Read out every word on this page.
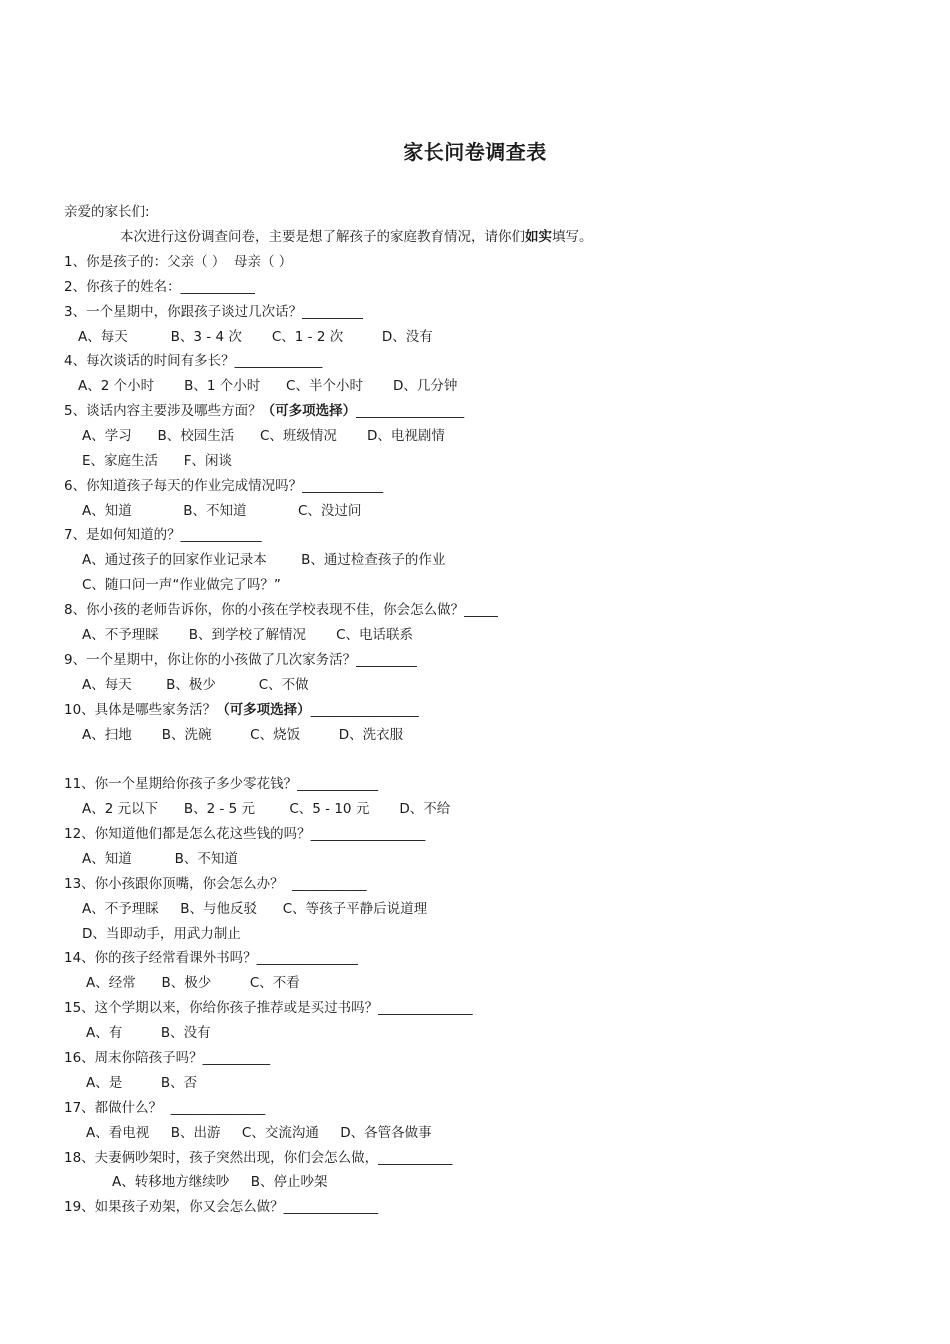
家长问卷调查表
亲爱的家长们:
本次进行这份调查问卷，主要是想了解孩子的家庭教育情况，请你们如实填写。
1、你是孩子的：父亲（ ）  母亲（ ）
2、你孩子的姓名：___________
3、一个星期中，你跟孩子谈过几次话？_________
A、每天          B、3 - 4 次       C、1 - 2 次         D、没有
4、每次谈话的时间有多长？_____________
A、2 个小时       B、1 个小时      C、半个小时       D、几分钟
5、谈话内容主要涉及哪些方面？（可多项选择）________________
A、学习      B、校园生活      C、班级情况       D、电视剧情
E、家庭生活      F、闲谈
6、你知道孩子每天的作业完成情况吗？____________
A、知道            B、不知道            C、没过问
7、是如何知道的？____________
A、通过孩子的回家作业记录本        B、通过检查孩子的作业
C、随口问一声“作业做完了吗？”
8、你小孩的老师告诉你，你的小孩在学校表现不佳，你会怎么做？_____
A、不予理睬       B、到学校了解情况       C、电话联系
9、一个星期中，你让你的小孩做了几次家务活？_________
A、每天        B、极少          C、不做
10、具体是哪些家务活？（可多项选择）________________
A、扫地       B、洗碗         C、烧饭         D、洗衣服
11、你一个星期给你孩子多少零花钱？____________
A、2 元以下      B、2 - 5 元        C、5 - 10 元       D、不给
12、你知道他们都是怎么花这些钱的吗？_________________
A、知道          B、不知道
13、你小孩跟你顶嘴，你会怎么办？  ___________
A、不予理睬     B、与他反驳      C、等孩子平静后说道理
D、当即动手，用武力制止
14、你的孩子经常看课外书吗？_______________
A、经常      B、极少         C、不看
15、这个学期以来，你给你孩子推荐或是买过书吗？______________
A、有         B、没有
16、周末你陪孩子吗？__________
A、是         B、否
17、都做什么？  ______________
A、看电视     B、出游     C、交流沟通     D、各管各做事
18、夫妻俩吵架时，孩子突然出现，你们会怎么做，___________
A、转移地方继续吵     B、停止吵架
19、如果孩子劝架，你又会怎么做？______________
